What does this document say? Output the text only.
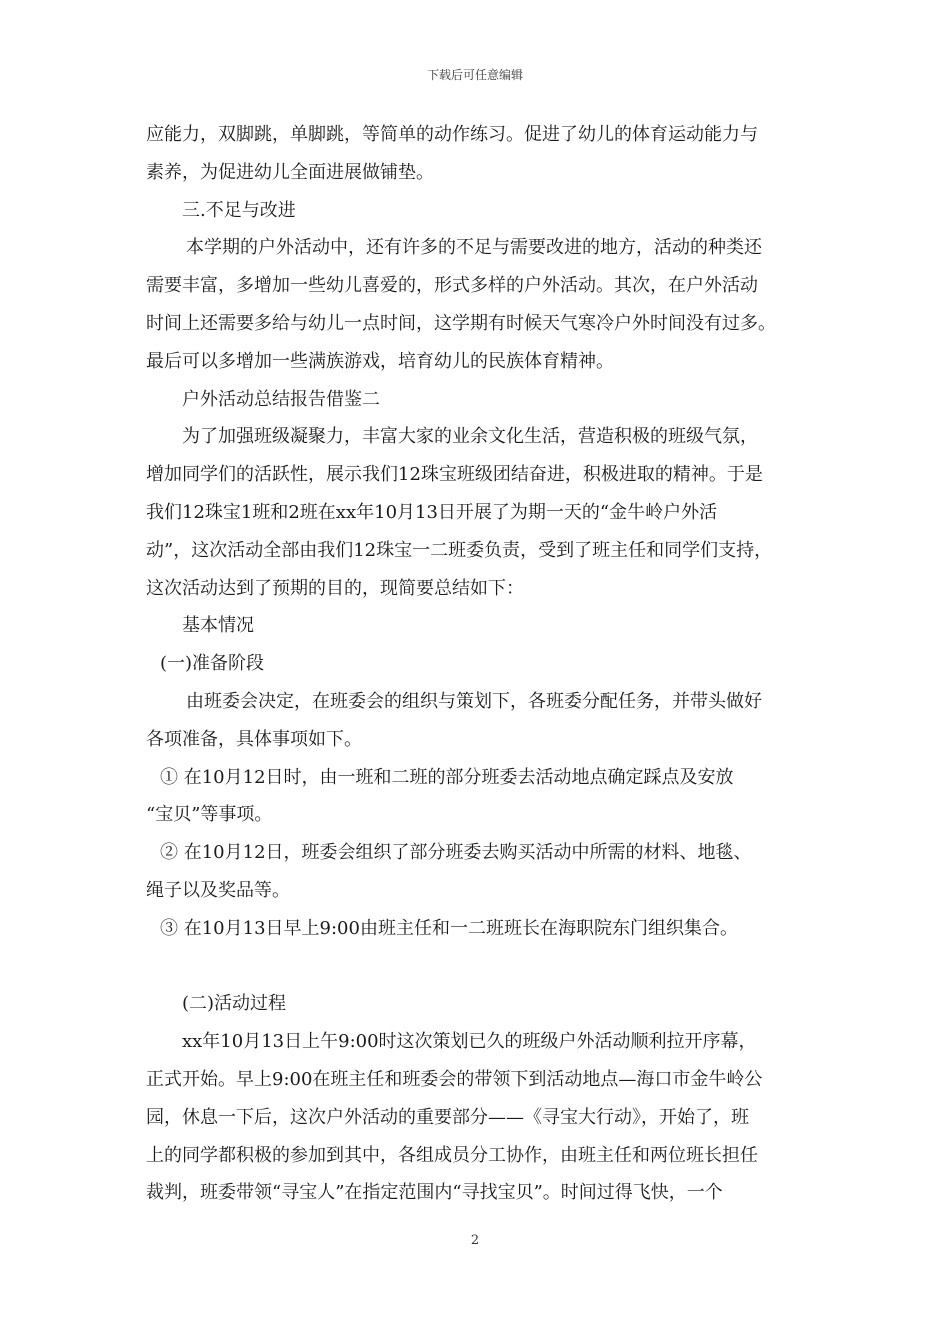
下载后可任意编辑
应能力，双脚跳，单脚跳，等简单的动作练习。促进了幼儿的体育运动能力与
素养，为促进幼儿全面进展做铺垫。
三.不足与改进
本学期的户外活动中，还有许多的不足与需要改进的地方，活动的种类还
需要丰富，多增加一些幼儿喜爱的，形式多样的户外活动。其次，在户外活动
时间上还需要多给与幼儿一点时间，这学期有时候天气寒冷户外时间没有过多。
最后可以多增加一些满族游戏，培育幼儿的民族体育精神。
户外活动总结报告借鉴二
为了加强班级凝聚力，丰富大家的业余文化生活，营造积极的班级气氛，
增加同学们的活跃性，展示我们12珠宝班级团结奋进，积极进取的精神。于是
我们12珠宝1班和2班在xx年10月13日开展了为期一天的“金牛岭户外活
动”，这次活动全部由我们12珠宝一二班委负责，受到了班主任和同学们支持，
这次活动达到了预期的目的，现简要总结如下：
基本情况
(一)准备阶段
由班委会决定，在班委会的组织与策划下，各班委分配任务，并带头做好
各项准备，具体事项如下。
① 在10月12日时，由一班和二班的部分班委去活动地点确定踩点及安放
“宝贝”等事项。
② 在10月12日，班委会组织了部分班委去购买活动中所需的材料、地毯、
绳子以及奖品等。
③ 在10月13日早上9:00由班主任和一二班班长在海职院东门组织集合。
(二)活动过程
xx年10月13日上午9:00时这次策划已久的班级户外活动顺利拉开序幕，
正式开始。早上9:00在班主任和班委会的带领下到活动地点—海口市金牛岭公
园，休息一下后，这次户外活动的重要部分——《寻宝大行动》，开始了，班
上的同学都积极的参加到其中，各组成员分工协作，由班主任和两位班长担任
裁判，班委带领“寻宝人”在指定范围内“寻找宝贝”。时间过得飞快，一个
2
